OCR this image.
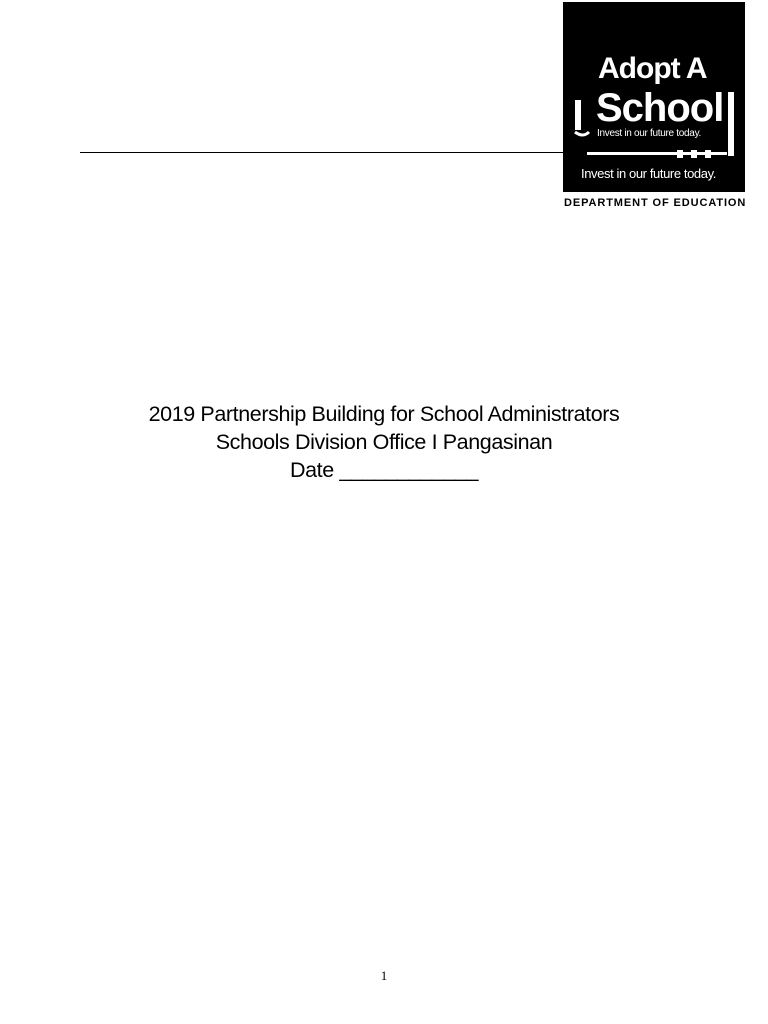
Adopt A
School
Invest in our future today.
Invest in our future today.
DEPARTMENT OF EDUCATION
2019 Partnership Building for School Administrators
Schools Division Office I Pangasinan
Date ____________
1
